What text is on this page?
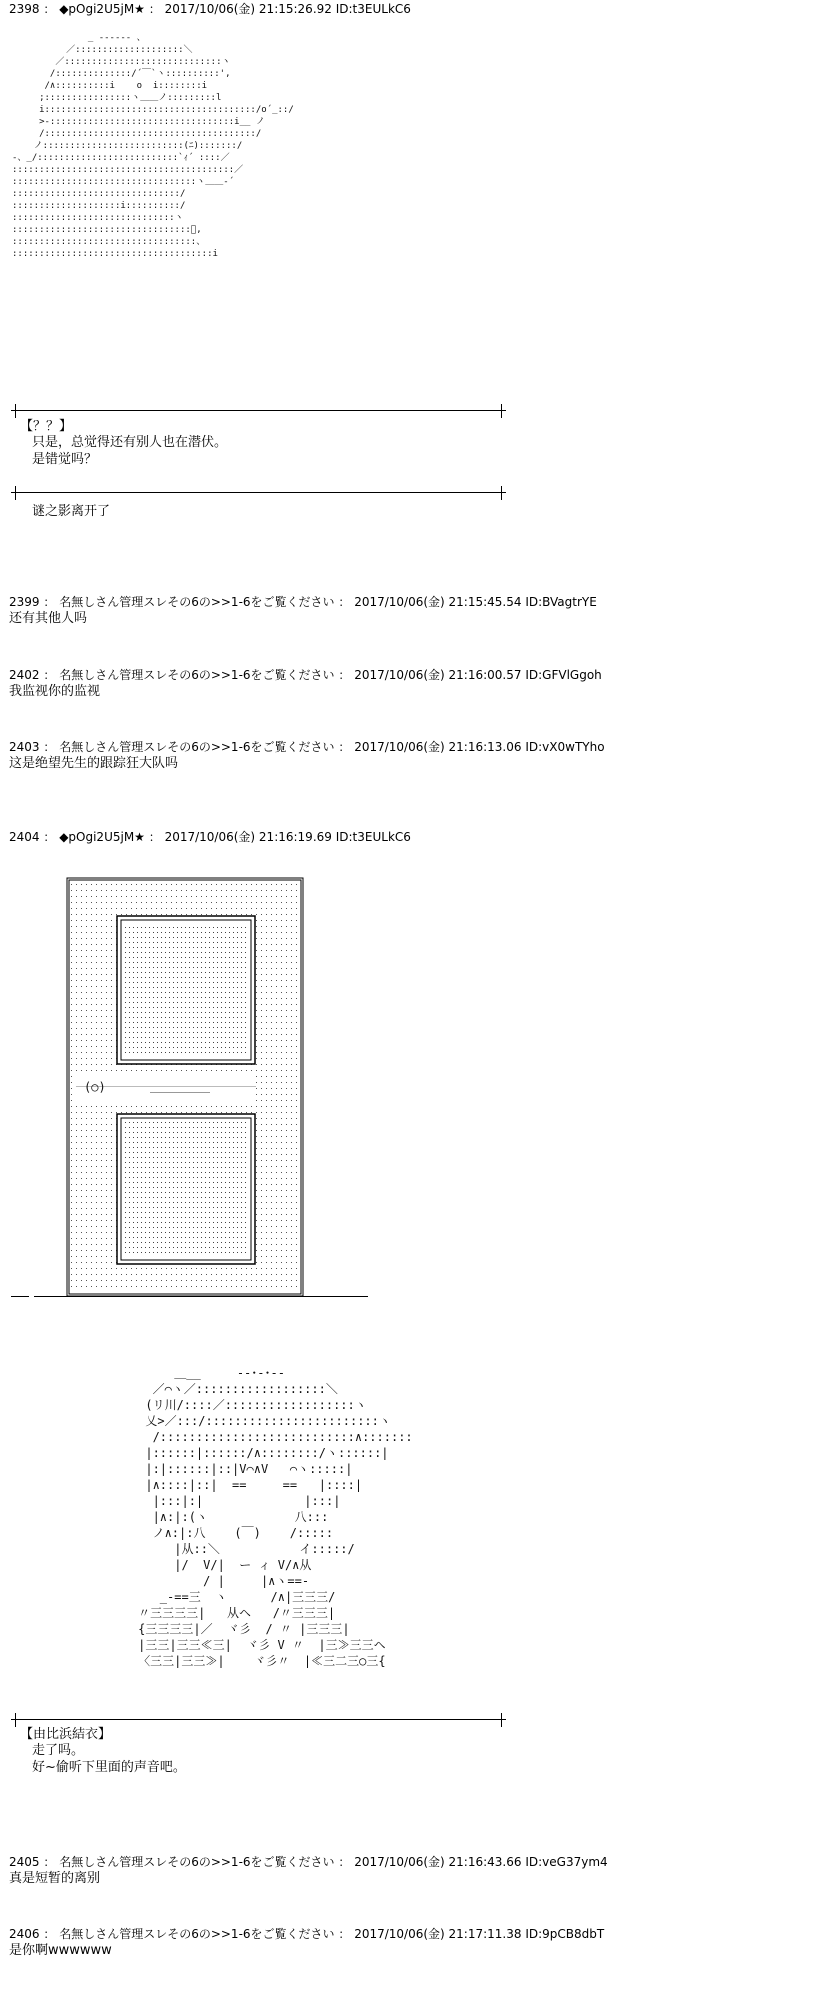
2398 ： ◆pOgi2U5jM★ ： 2017/10/06(金) 21:15:26.92 ID:t3EULkC6
_ ‐‐‐‐‐‐ 、
／::::::::::::::::::::＼
／:::::::::::::::::::::::::::::ヽ
/::::::::::::::/´￣`ヽ::::::::::',
/∧::::::::::i    o  i::::::::i
;::::::::::::::::ヽ＿＿ノ:::::::::l
i:::::::::::::::::::::::::::::::::::::::/o´_::/
>‐::::::::::::::::::::::::::::::::::i__ ノ
/:::::::::::::::::::::::::::::::::::::::/
ノ::::::::::::::::::::::::::(ﾆ):::::::/
‐、_/::::::::::::::::::::::::::`ｨ´ ::::／
:::::::::::::::::::::::::::::::::::::::::／
::::::::::::::::::::::::::::::::::ヽ＿＿‐´
:::::::::::::::::::::::::::::::/
::::::::::::::::::::i::::::::::/
::::::::::::::::::::::::::::::ヽ
:::::::::::::::::::::::::::::::::ﾞ,
::::::::::::::::::::::::::::::::::、
:::::::::::::::::::::::::::::::::::::i
【？？】
只是，总觉得还有别人也在潜伏。
是错觉吗？
谜之影离开了
2399 ： 名無しさん管理スレその6の>>1-6をご覧ください ： 2017/10/06(金) 21:15:45.54 ID:BVagtrYE
还有其他人吗
2402 ： 名無しさん管理スレその6の>>1-6をご覧ください ： 2017/10/06(金) 21:16:00.57 ID:GFVlGgoh
我监视你的监视
2403 ： 名無しさん管理スレその6の>>1-6をご覧ください ： 2017/10/06(金) 21:16:13.06 ID:vX0wTYho
这是绝望先生的跟踪狂大队吗
2404 ： ◆pOgi2U5jM★ ： 2017/10/06(金) 21:16:19.69 ID:t3EULkC6
(○)
＿__     ‐‐･‐･‐-
／⌒ヽ／::::::::::::::::::＼
(リ川/::::／::::::::::::::::::ヽ
乂>／:::/::::::::::::::::::::::::ヽ
/:::::::::::::::::::::::::::∧:::::::
|::::::|::::::/∧::::::::/ヽ::::::|
|:|::::::|::|V⌒∧V   ⌒ヽ:::::|
|∧::::|::|  ==     ==   |::::|
|:::|:|              |:::|
|∧:|:(ヽ            八:::
ノ∧:|:八    (￣)    /:::::
|从::＼           イ:::::/
|/  V/|  ー ィ V/∧从
/ |     |∧ヽ==‐
_‐==三  ヽ      /∧|三三三/
〃三三三三|   从ヘ   /〃三三三|
{三三三三|／  ヾ彡  / 〃 |三三三|
|三三|三三≪三|  ヾ彡 V 〃  |三≫三三ヘ
〈三三|三三≫|    ヾ彡〃  |≪三二三○三{
【由比浜結衣】
走了吗。
好~偷听下里面的声音吧。
2405 ： 名無しさん管理スレその6の>>1-6をご覧ください ： 2017/10/06(金) 21:16:43.66 ID:veG37ym4
真是短暂的离别
2406 ： 名無しさん管理スレその6の>>1-6をご覧ください ： 2017/10/06(金) 21:17:11.38 ID:9pCB8dbT
是你啊wwwwww
